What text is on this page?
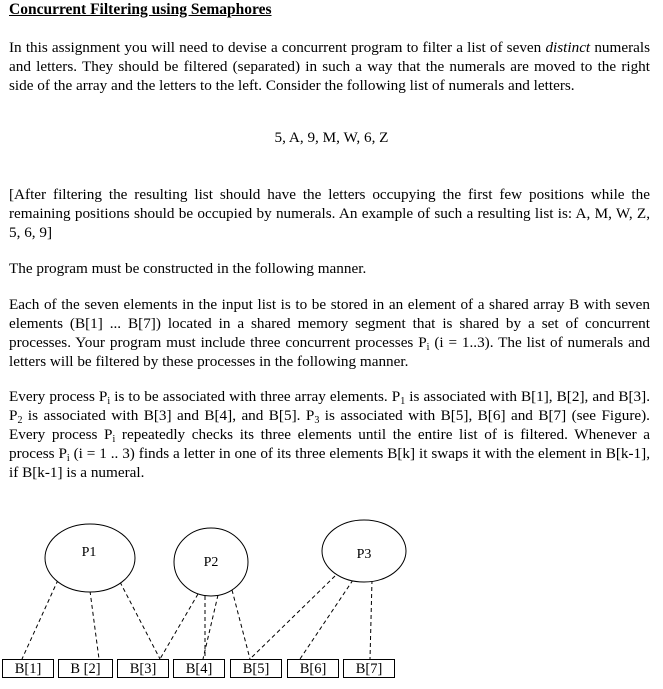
Concurrent Filtering using Semaphores

In this assignment you will need to devise a concurrent program to filter a list of seven distinct numerals and letters. They should be filtered (separated) in such a way that the numerals are moved to the right side of the array and the letters to the left. Consider the following list of numerals and letters.

5, A, 9, M, W, 6, Z

[After filtering the resulting list should have the letters occupying the first few positions while the remaining positions should be occupied by numerals. An example of such a resulting list is: A, M, W, Z, 5, 6, 9]

The program must be constructed in the following manner.

Each of the seven elements in the input list is to be stored in an element of a shared array B with seven elements (B[1] ... B[7]) located in a shared memory segment that is shared by a set of concurrent processes. Your program must include three concurrent processes $P_i$ (i = 1..3). The list of numerals and letters will be filtered by these processes in the following manner.

Every process $P_i$ is to be associated with three array elements. $P_1$ is associated with B[1], B[2], and B[3]. $P_2$ is associated with B[3] and B[4], and B[5]. $P_3$ is associated with B[5], B[6] and B[7] (see Figure). Every process $P_i$ repeatedly checks its three elements until the entire list of is filtered. Whenever a process $P_i$ (i = 1 .. 3) finds a letter in one of its three elements B[k] it swaps it with the element in B[k-1], if B[k-1] is a numeral.

P1
P2
P3
B[1]	B [2]	B[3]	B[4]	B[5]	B[6]	B[7]
